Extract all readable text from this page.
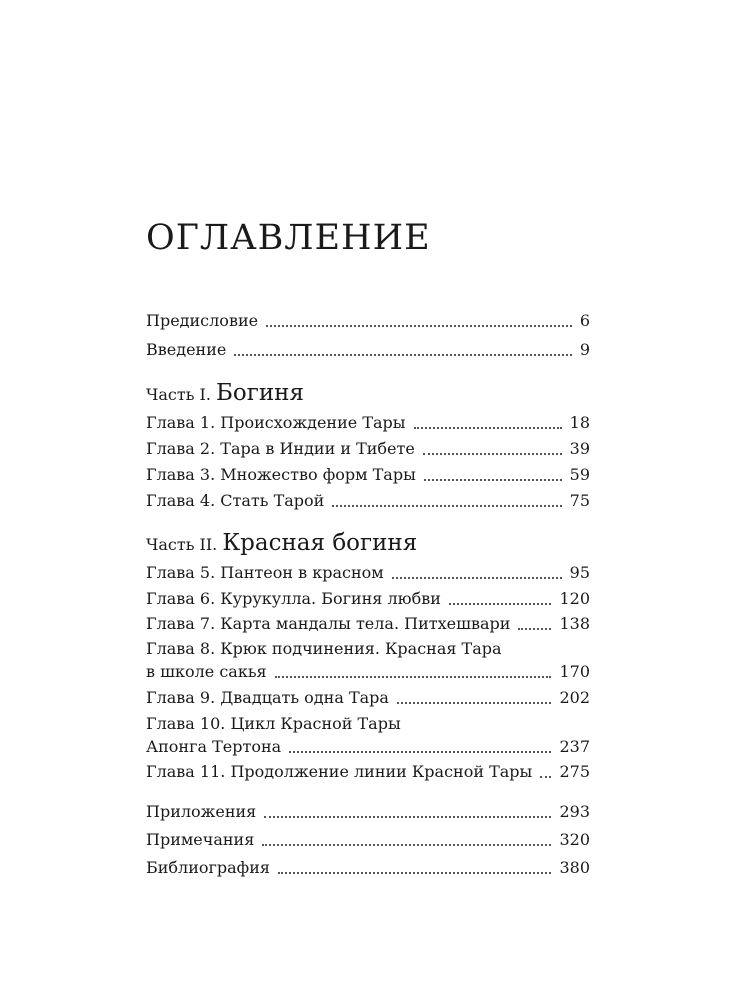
ОГЛАВЛЕНИЕ
Предисловие	6
Введение	9
Часть I. Богиня
Глава 1. Происхождение Тары	18
Глава 2. Тара в Индии и Тибете	39
Глава 3. Множество форм Тары	59
Глава 4. Стать Тарой	75
Часть II. Красная богиня
Глава 5. Пантеон в красном	95
Глава 6. Курукулла. Богиня любви	120
Глава 7. Карта мандалы тела. Питхешвари	138
Глава 8. Крюк подчинения. Красная Тара
в школе сакья	170
Глава 9. Двадцать одна Тара	202
Глава 10. Цикл Красной Тары
Апонга Тертона	237
Глава 11. Продолжение линии Красной Тары 275
Приложения	293
Примечания	320
Библиография	380
